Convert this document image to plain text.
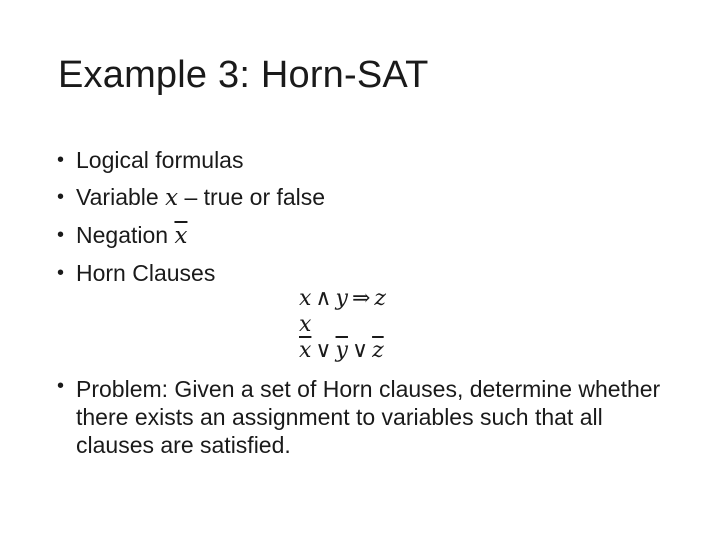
Example 3: Horn-SAT
• Logical formulas
• Variable x – true or false
• Negation $\overline{x}$
• Horn Clauses
x ∧ y ⇒ z
x
$\overline{x}$ ∨ $\overline{y}$ ∨ $\overline{z}$
• Problem: Given a set of Horn clauses, determine whether there exists an assignment to variables such that all clauses are satisfied.
